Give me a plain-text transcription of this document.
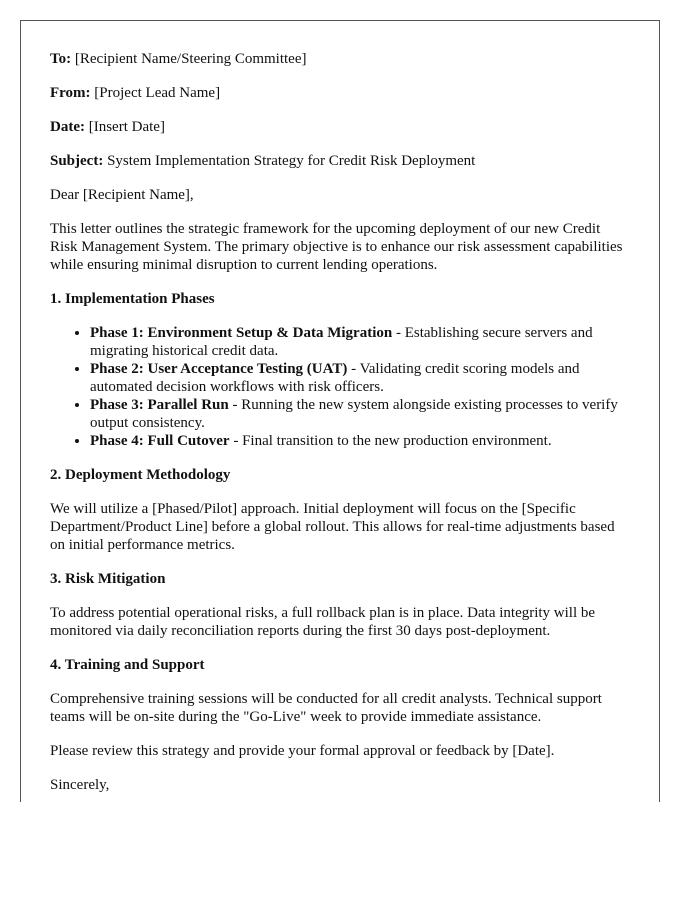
To: [Recipient Name/Steering Committee]

From: [Project Lead Name]

Date: [Insert Date]

Subject: System Implementation Strategy for Credit Risk Deployment

Dear [Recipient Name],

This letter outlines the strategic framework for the upcoming deployment of our new Credit Risk Management System. The primary objective is to enhance our risk assessment capabilities while ensuring minimal disruption to current lending operations.

1. Implementation Phases

• Phase 1: Environment Setup & Data Migration - Establishing secure servers and migrating historical credit data.
• Phase 2: User Acceptance Testing (UAT) - Validating credit scoring models and automated decision workflows with risk officers.
• Phase 3: Parallel Run - Running the new system alongside existing processes to verify output consistency.
• Phase 4: Full Cutover - Final transition to the new production environment.

2. Deployment Methodology

We will utilize a [Phased/Pilot] approach. Initial deployment will focus on the [Specific Department/Product Line] before a global rollout. This allows for real-time adjustments based on initial performance metrics.

3. Risk Mitigation

To address potential operational risks, a full rollback plan is in place. Data integrity will be monitored via daily reconciliation reports during the first 30 days post-deployment.

4. Training and Support

Comprehensive training sessions will be conducted for all credit analysts. Technical support teams will be on-site during the "Go-Live" week to provide immediate assistance.

Please review this strategy and provide your formal approval or feedback by [Date].

Sincerely,
